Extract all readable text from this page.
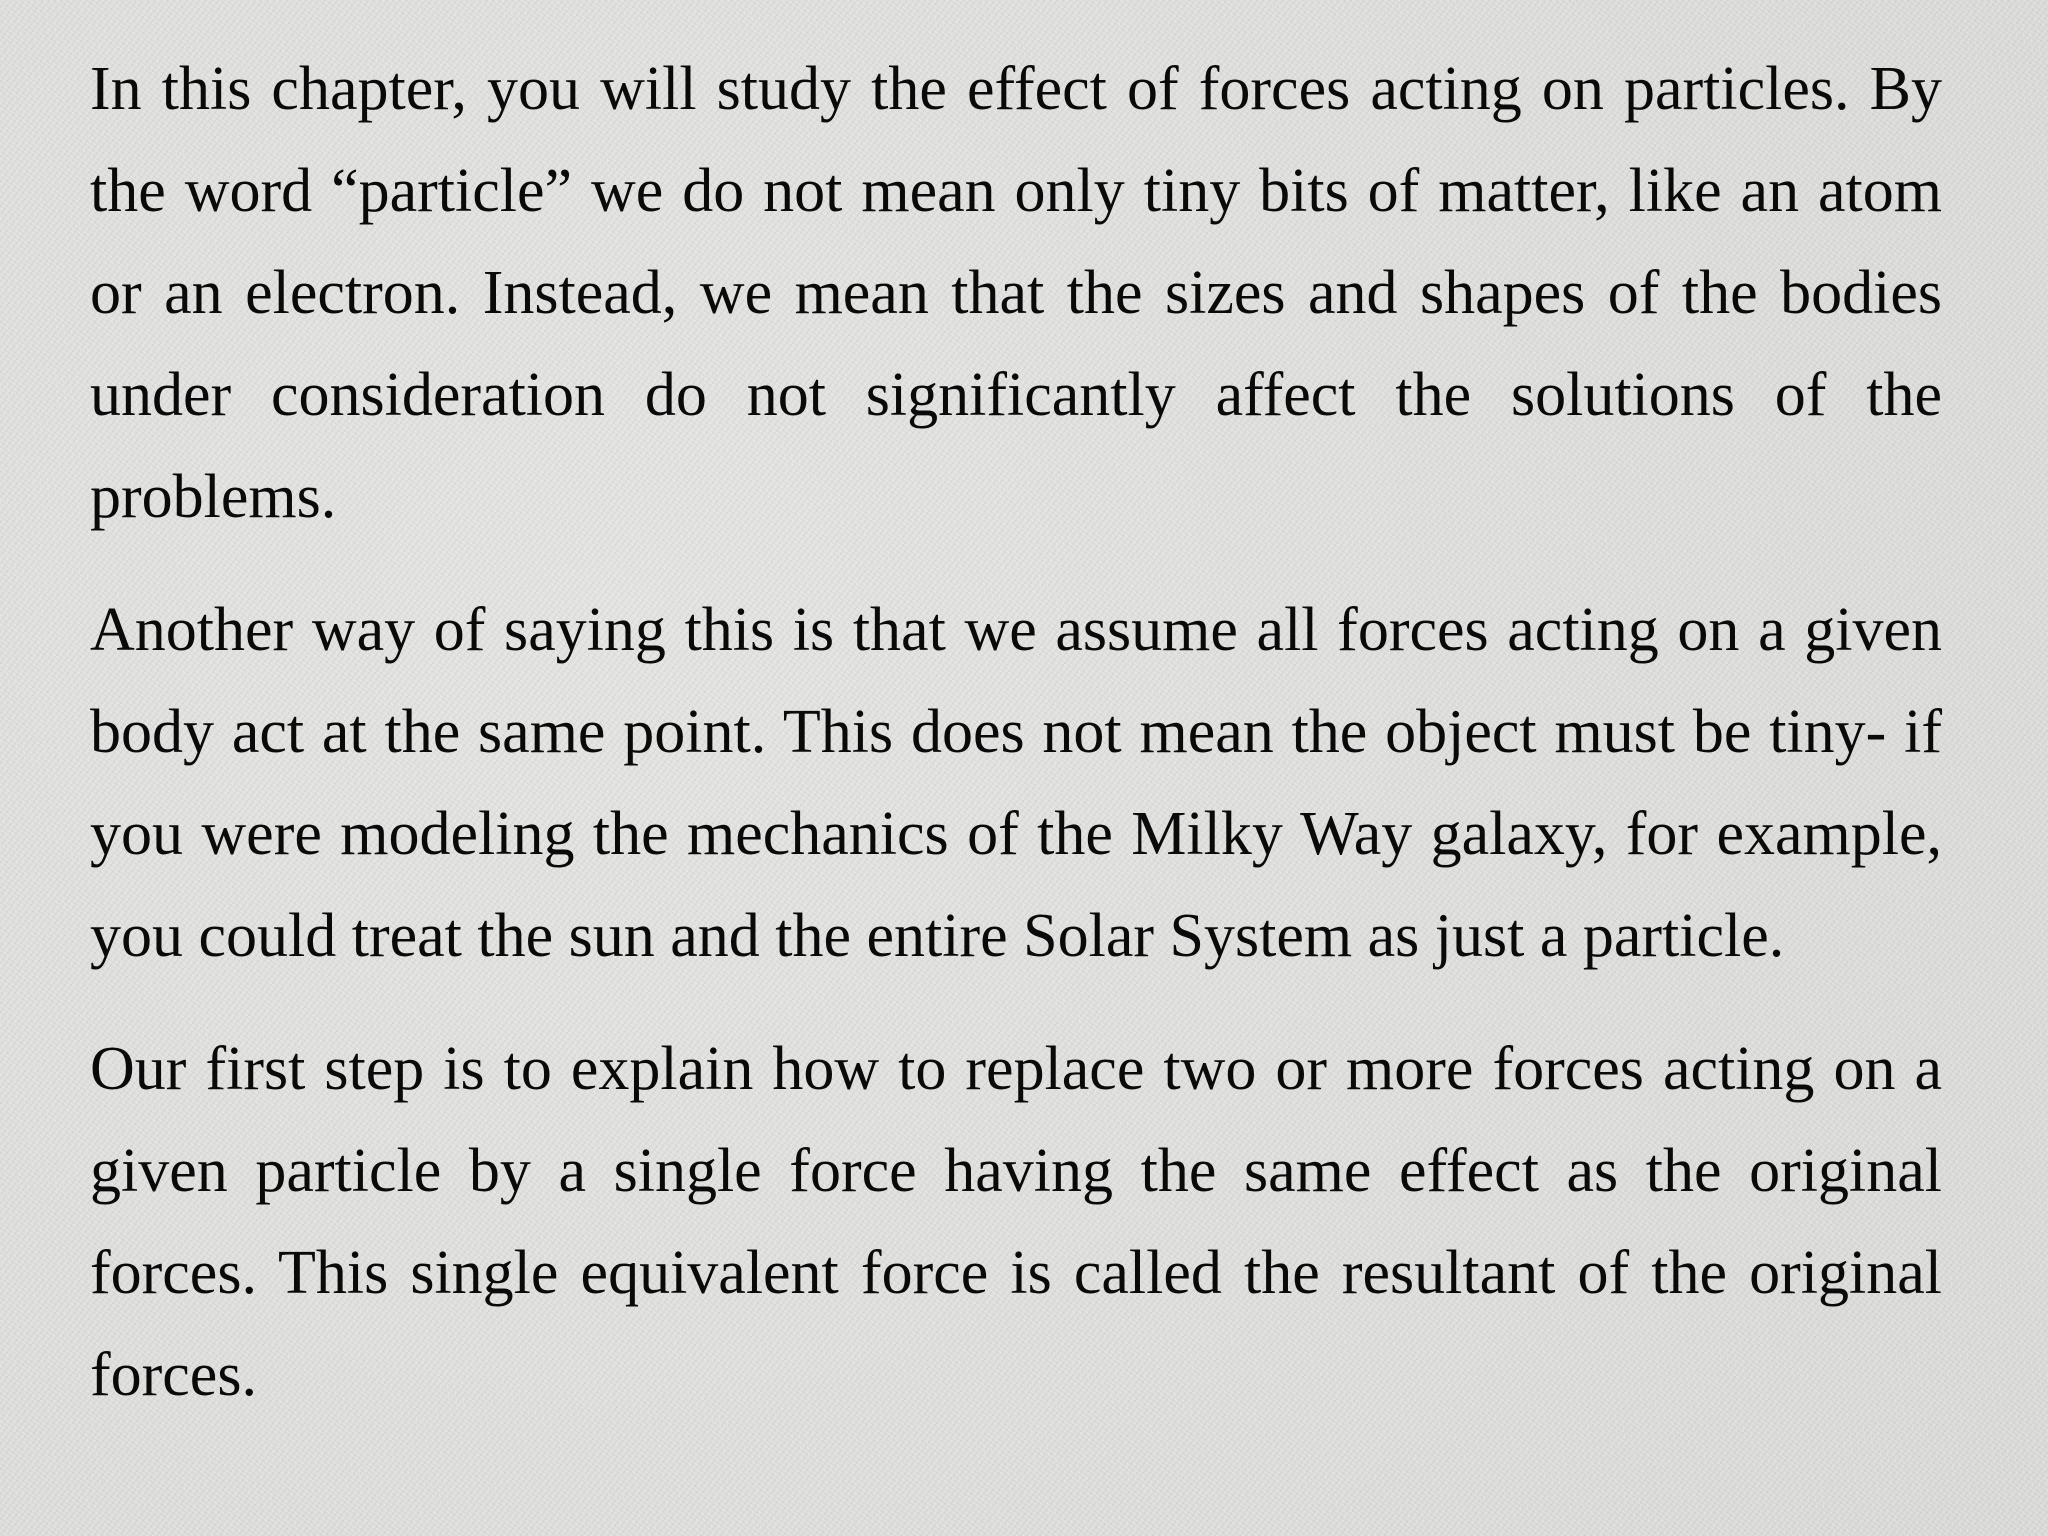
In this chapter, you will study the effect of forces acting on particles. By the word “particle” we do not mean only tiny bits of matter, like an atom or an electron. Instead, we mean that the sizes and shapes of the bodies under consideration do not significantly affect the solutions of the problems.

Another way of saying this is that we assume all forces acting on a given body act at the same point. This does not mean the object must be tiny- if you were modeling the mechanics of the Milky Way galaxy, for example, you could treat the sun and the entire Solar System as just a particle.

Our first step is to explain how to replace two or more forces acting on a given particle by a single force having the same effect as the original forces. This single equivalent force is called the resultant of the original forces.
